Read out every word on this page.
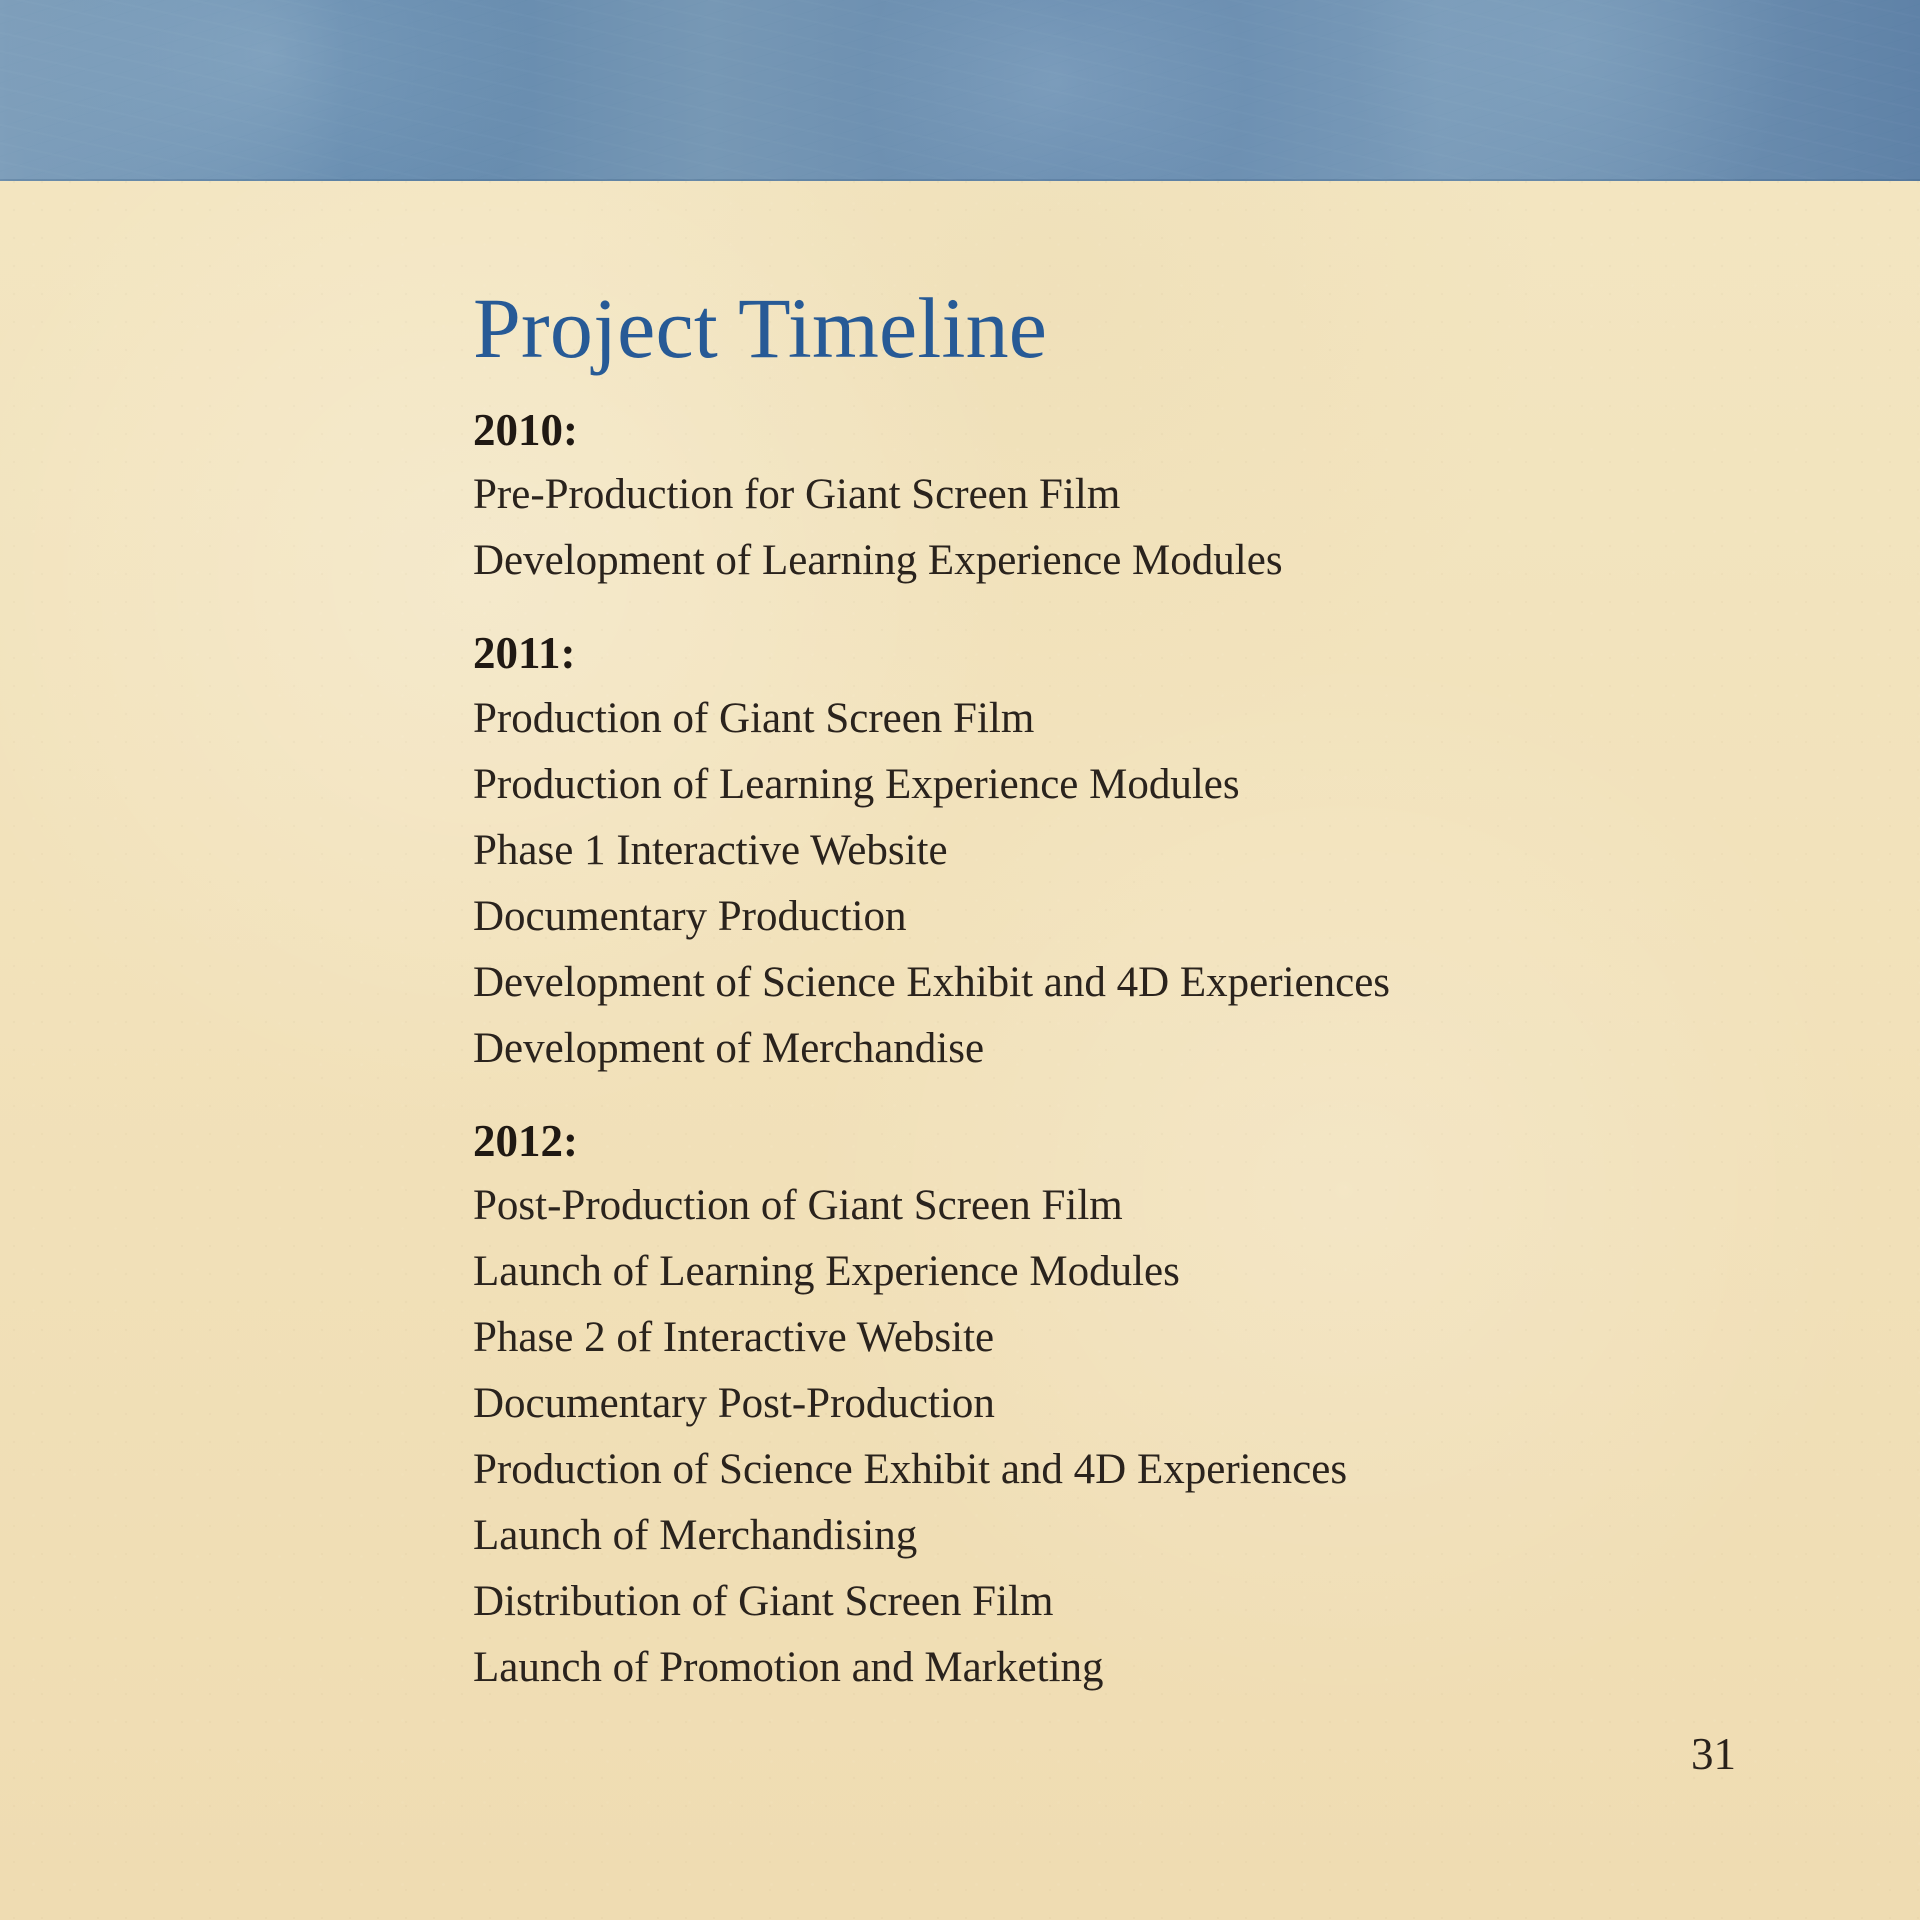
Project Timeline
2010:
Pre-Production for Giant Screen Film
Development of Learning Experience Modules
2011:
Production of Giant Screen Film
Production of Learning Experience Modules
Phase 1 Interactive Website
Documentary Production
Development of Science Exhibit and 4D Experiences
Development of Merchandise
2012:
Post-Production of Giant Screen Film
Launch of Learning Experience Modules
Phase 2 of Interactive Website
Documentary Post-Production
Production of Science Exhibit and 4D Experiences
Launch of Merchandising
Distribution of Giant Screen Film
Launch of Promotion and Marketing

31
